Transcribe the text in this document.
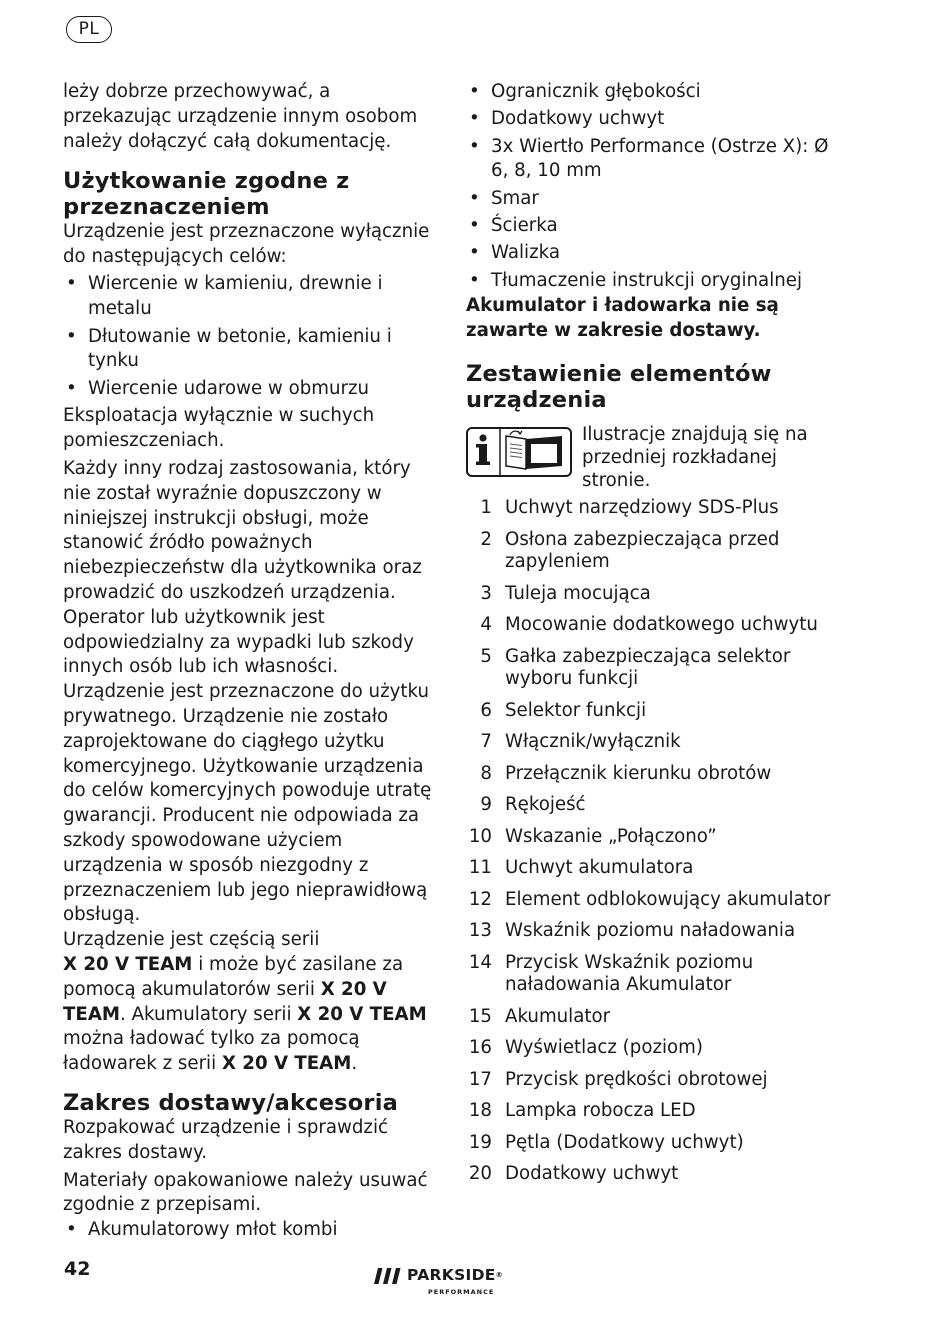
PL

leży dobrze przechowywać, a przekazując urządzenie innym osobom należy dołączyć całą dokumentację.

Użytkowanie zgodne z przeznaczeniem

Urządzenie jest przeznaczone wyłącznie do następujących celów:

• Wiercenie w kamieniu, drewnie i metalu
• Dłutowanie w betonie, kamieniu i tynku
• Wiercenie udarowe w obmurzu

Eksploatacja wyłącznie w suchych pomieszczeniach.

Każdy inny rodzaj zastosowania, który nie został wyraźnie dopuszczony w niniejszej instrukcji obsługi, może stanowić źródło poważnych niebezpieczeństw dla użytkownika oraz prowadzić do uszkodzeń urządzenia. Operator lub użytkownik jest odpowiedzialny za wypadki lub szkody innych osób lub ich własności. Urządzenie jest przeznaczone do użytku prywatnego. Urządzenie nie zostało zaprojektowane do ciągłego użytku komercyjnego. Użytkowanie urządzenia do celów komercyjnych powoduje utratę gwarancji. Producent nie odpowiada za szkody spowodowane użyciem urządzenia w sposób niezgodny z przeznaczeniem lub jego nieprawidłową obsługą.

Urządzenie jest częścią serii
X 20 V TEAM i może być zasilane za pomocą akumulatorów serii X 20 V TEAM. Akumulatory serii X 20 V TEAM można ładować tylko za pomocą ładowarek z serii X 20 V TEAM.

Zakres dostawy/akcesoria

Rozpakować urządzenie i sprawdzić zakres dostawy.

Materiały opakowaniowe należy usuwać zgodnie z przepisami.

• Akumulatorowy młot kombi
• Ogranicznik głębokości
• Dodatkowy uchwyt
• 3x Wiertło Performance (Ostrze X): Ø 6, 8, 10 mm
• Smar
• Ścierka
• Walizka
• Tłumaczenie instrukcji oryginalnej

Akumulator i ładowarka nie są zawarte w zakresie dostawy.

Zestawienie elementów urządzenia
Ilustracje znajdują się na przedniej rozkładanej stronie.
1 Uchwyt narzędziowy SDS-Plus
2 Osłona zabezpieczająca przed zapyleniem
3 Tuleja mocująca
4 Mocowanie dodatkowego uchwytu
5 Gałka zabezpieczająca selektor wyboru funkcji
6 Selektor funkcji
7 Włącznik/wyłącznik
8 Przełącznik kierunku obrotów
9 Rękojeść
10 Wskazanie „Połączono”
11 Uchwyt akumulatora
12 Element odblokowujący akumulator
13 Wskaźnik poziomu naładowania
14 Przycisk Wskaźnik poziomu naładowania Akumulator
15 Akumulator
16 Wyświetlacz (poziom)
17 Przycisk prędkości obrotowej
18 Lampka robocza LED
19 Pętla (Dodatkowy uchwyt)
20 Dodatkowy uchwyt
42	PARKSIDE®
PERFORMANCE
